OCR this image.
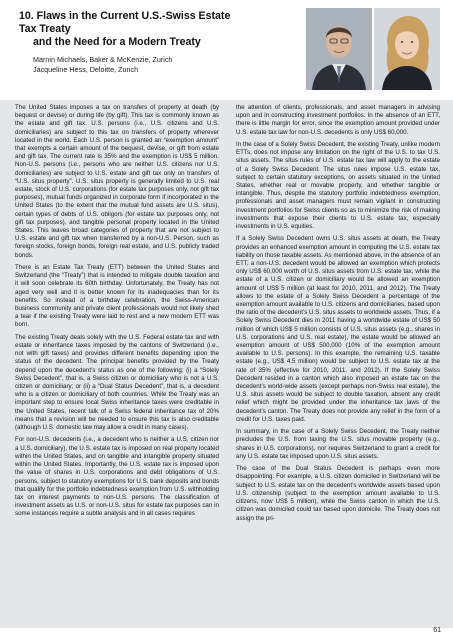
10. Flaws in the Current U.S.-Swiss Estate Tax Treaty
and the Need for a Modern Treaty
Marnin Michaels, Baker & McKenzie, Zurich
Jacqueline Hess, Deloitte, Zurich

The United States imposes a tax on transfers of property at death (by bequest or devise) or during life (by gift). This tax is commonly known as the estate and gift tax. U.S. persons (i.e., U.S. citizens and U.S. domiciliaries) are subject to this tax on transfers of property wherever located in the world. Each U.S. person is granted an “exemption amount” that exempts a certain amount of the bequest, devise, or gift from estate and gift tax. The current rate is 35% and the exemption is US$ 5 million. Non-U.S. persons (i.e., persons who are neither U.S. citizens nor U.S. domiciliaries) are subject to U.S. estate and gift tax only on transfers of “U.S. situs property”. U.S. situs property is generally limited to U.S. real estate, stock of U.S. corporations (for estate tax purposes only, not gift tax purposes), mutual funds organized in corporate form if incorporated in the United States (to the extent that the mutual fund assets are U.S. situs), certain types of debts of U.S. obligors (for estate tax purposes only, not gift tax purposes), and tangible personal property located in the United States. This leaves broad categories of property that are not subject to U.S. estate and gift tax when transferred by a non-U.S. Person, such as foreign stocks, foreign bonds, foreign real estate, and U.S. publicly traded bonds.

There is an Estate Tax Treaty (ETT) between the United States and Switzerland (the “Treaty”) that is intended to mitigate double taxation and it will soon celebrate its 60th birthday. Unfortunately, the Treaty has not aged very well and it is better known for its inadequacies than for its benefits. So instead of a birthday celebration, the Swiss-American business community and private client professionals would not likely shed a tear if the existing Treaty were laid to rest and a new modern ETT was born.

The existing Treaty deals solely with the U.S. Federal estate tax and with estate or inheritance taxes imposed by the cantons of Switzerland (i.e., not with gift taxes) and provides different benefits depending upon the status of the decedent. The principal benefits provided by the Treaty depend upon the decedent’s status as one of the following: (i) a “Solely Swiss Decedent”, that is, a Swiss citizen or domiciliary who is not a U.S. citizen or domiciliary; or (ii) a “Dual Status Decedent”, that is, a decedent who is a citizen or domiciliary of both countries. While the Treaty was an important step to ensure local Swiss inheritance taxes were creditable in the United States, recent talk of a Swiss federal inheritance tax of 20% means that a revision will be needed to ensure this tax is also creditable (although U.S. domestic law may allow a credit in many cases).

For non-U.S. decedents (i.e., a decedent who is neither a U.S. citizen nor a U.S. domiciliary), the U.S. estate tax is imposed on real property located within the United States, and on tangible and intangible property situated within the United States. Importantly, the U.S. estate tax is imposed upon the value of shares in U.S. corporations and debt obligations of U.S. persons, subject to statutory exemptions for U.S. bank deposits and bonds that qualify for the portfolio indebtedness exemption from U.S. withholding tax on interest payments to non-U.S. persons. The classification of investment assets as U.S. or non-U.S. situs for estate tax purposes can in some instances require a subtle analysis and in all cases requires

the attention of clients, professionals, and asset managers in advising upon and in constructing investment portfolios. In the absence of an ETT, there is little margin for error, since the exemption amount provided under U.S. estate tax law for non-U.S. decedents is only US$ 60,000.

In the case of a Solely Swiss Decedent, the existing Treaty, unlike modern ETTs, does not impose any limitation on the right of the U.S. to tax U.S. situs assets. The situs rules of U.S. estate tax law will apply to the estate of a Solely Swiss Decedent. The situs rules impose U.S. estate tax, subject to certain statutory exceptions, on assets situated in the United States, whether real or movable property, and whether tangible or intangible. Thus, despite the statutory portfolio indebtedness exemption, professionals and asset managers must remain vigilant in constructing investment portfolios for Swiss clients so as to minimize the risk of making investments that expose their clients to U.S. estate tax, especially investments in U.S. equities.

If a Solely Swiss Decedent owns U.S. situs assets at death, the Treaty provides an enhanced exemption amount in computing the U.S. estate tax liability on those taxable assets. As mentioned above, in the absence of an ETT, a non-U.S. decedent would be allowed an exemption which protects only US$ 60,000 worth of U.S. situs assets from U.S. estate tax, while the estate of a U.S. citizen or domiciliary would be allowed an exemption amount of US$ 5 million (at least for 2010, 2011, and 2012). The Treaty allows to the estate of a Solely Swiss Decedent a percentage of the exemption amount available to U.S. citizens and domiciliaries, based upon the ratio of the decedent’s U.S. situs assets to worldwide assets. Thus, if a Solely Swiss Decedent dies in 2011 having a worldwide estate of US$ 50 million of which US$ 5 million consists of U.S. situs assets (e.g., shares in U.S. corporations and U.S. real estate), the estate would be allowed an exemption amount of US$ 500,000 (10% of the exemption amount available to U.S. persons). In this example, the remaining U.S. taxable estate (e.g., US$ 4.5 million) would be subject to U.S. estate tax at the rate of 35% (effective for 2010, 2011, and 2012). If the Solely Swiss Decedent resided in a canton which also imposed an estate tax on the decedent’s world-wide assets (except perhaps non-Swiss real estate), the U.S. situs assets would be subject to double taxation, absent any credit relief which might be provided under the inheritance tax laws of the decedent’s canton. The Treaty does not provide any relief in the form of a credit for U.S. taxes paid.

In summary, in the case of a Solely Swiss Decedent, the Treaty neither precludes the U.S. from taxing the U.S. situs movable property (e.g., shares in U.S. corporations), nor requires Switzerland to grant a credit for any U.S. estate tax imposed upon U.S. situs assets.

The case of the Dual Status Decedent is perhaps even more disappointing. For example, a U.S. citizen domiciled in Switzerland will be subject to U.S. estate tax on the decedent’s worldwide assets based upon U.S. citizenship (subject to the exemption amount available to U.S. citizens, now US$ 5 million), while the Swiss canton in which the U.S. citizen was domiciled could tax based upon domicile. The Treaty does not assign the pri-

61
